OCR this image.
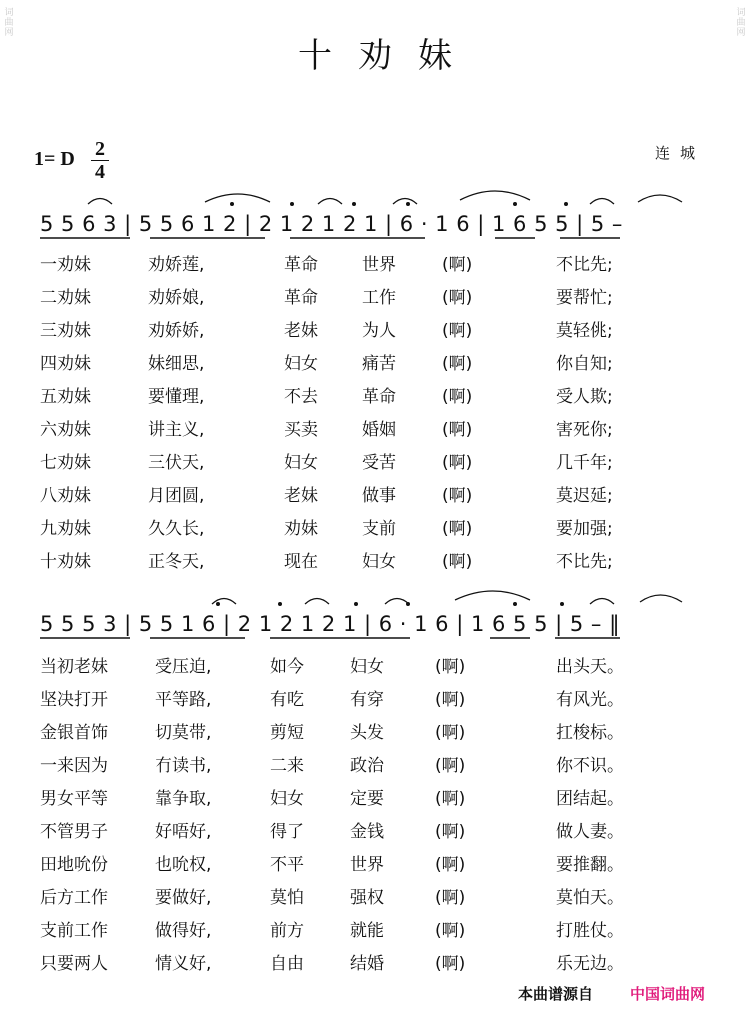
词曲网
词曲网
十劝妹
1= D 2
4
连城
5 5 6 3 | 5 5 6 1 2 | 2 1 2 1 2 1 | 6 · 1 6 | 1 6 5 5 | 5 –
一劝妹	劝娇莲,	革命	世界	(啊)	不比先;
二劝妹	劝娇娘,	革命	工作	(啊)	要帮忙;
三劝妹	劝娇娇,	老妹	为人	(啊)	莫轻佻;
四劝妹	妹细思,	妇女	痛苦	(啊)	你自知;
五劝妹	要懂理,	不去	革命	(啊)	受人欺;
六劝妹	讲主义,	买卖	婚姻	(啊)	害死你;
七劝妹	三伏天,	妇女	受苦	(啊)	几千年;
八劝妹	月团圆,	老妹	做事	(啊)	莫迟延;
九劝妹	久久长,	劝妹	支前	(啊)	要加强;
十劝妹	正冬天,	现在	妇女	(啊)	不比先;
5 5 5 3 | 5 5 1 6 | 2 1 2 1 2 1 | 6 · 1 6 | 1 6 5 5 | 5 – ‖
当初老妹	受压迫,	如今	妇女	(啊)	出头天。
坚决打开	平等路,	有吃	有穿	(啊)	有风光。
金银首饰	切莫带,	剪短	头发	(啊)	扛梭标。
一来因为	冇读书,	二来	政治	(啊)	你不识。
男女平等	靠争取,	妇女	定要	(啊)	团结起。
不管男子	好唔好,	得了	金钱	(啊)	做人妻。
田地吮份	也吮权,	不平	世界	(啊)	要推翻。
后方工作	要做好,	莫怕	强权	(啊)	莫怕天。
支前工作	做得好,	前方	就能	(啊)	打胜仗。
只要两人	情义好,	自由	结婚	(啊)	乐无边。
本曲谱源自 中国词曲网
